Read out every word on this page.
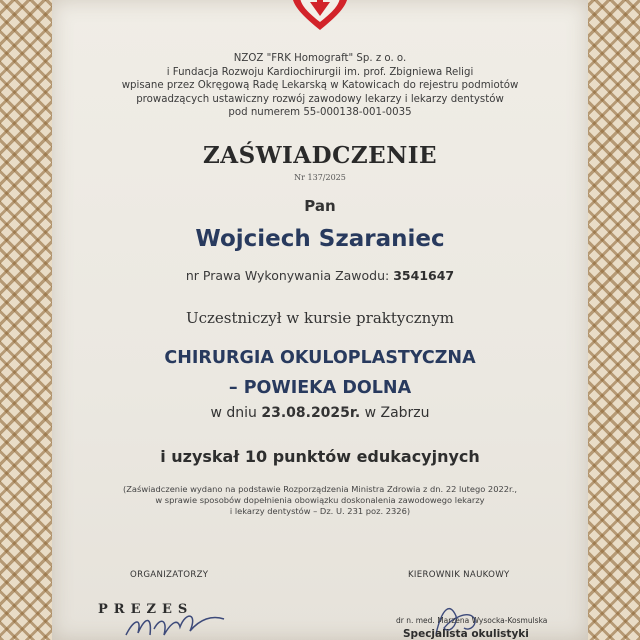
NZOZ "FRK Homograft" Sp. z o. o.
i Fundacja Rozwoju Kardiochirurgii im. prof. Zbigniewa Religi
wpisane przez Okręgową Radę Lekarską w Katowicach do rejestru podmiotów
prowadzących ustawiczny rozwój zawodowy lekarzy i lekarzy dentystów
pod numerem 55-000138-001-0035
ZAŚWIADCZENIE
Nr 137/2025
Pan
Wojciech Szaraniec
nr Prawa Wykonywania Zawodu: 3541647
Uczestniczył w kursie praktycznym
CHIRURGIA OKULOPLASTYCZNA
– POWIEKA DOLNA
w dniu 23.08.2025r. w Zabrzu
i uzyskał 10 punktów edukacyjnych
(Zaświadczenie wydano na podstawie Rozporządzenia Ministra Zdrowia z dn. 22 lutego 2022r.,
w sprawie sposobów dopełnienia obowiązku doskonalenia zawodowego lekarzy
i lekarzy dentystów – Dz. U. 231 poz. 2326)
ORGANIZATORZY	KIEROWNIK NAUKOWY
PREZES
dr n. med. Marzena Wysocka-Kosmulska
Specjalista okulistyki
